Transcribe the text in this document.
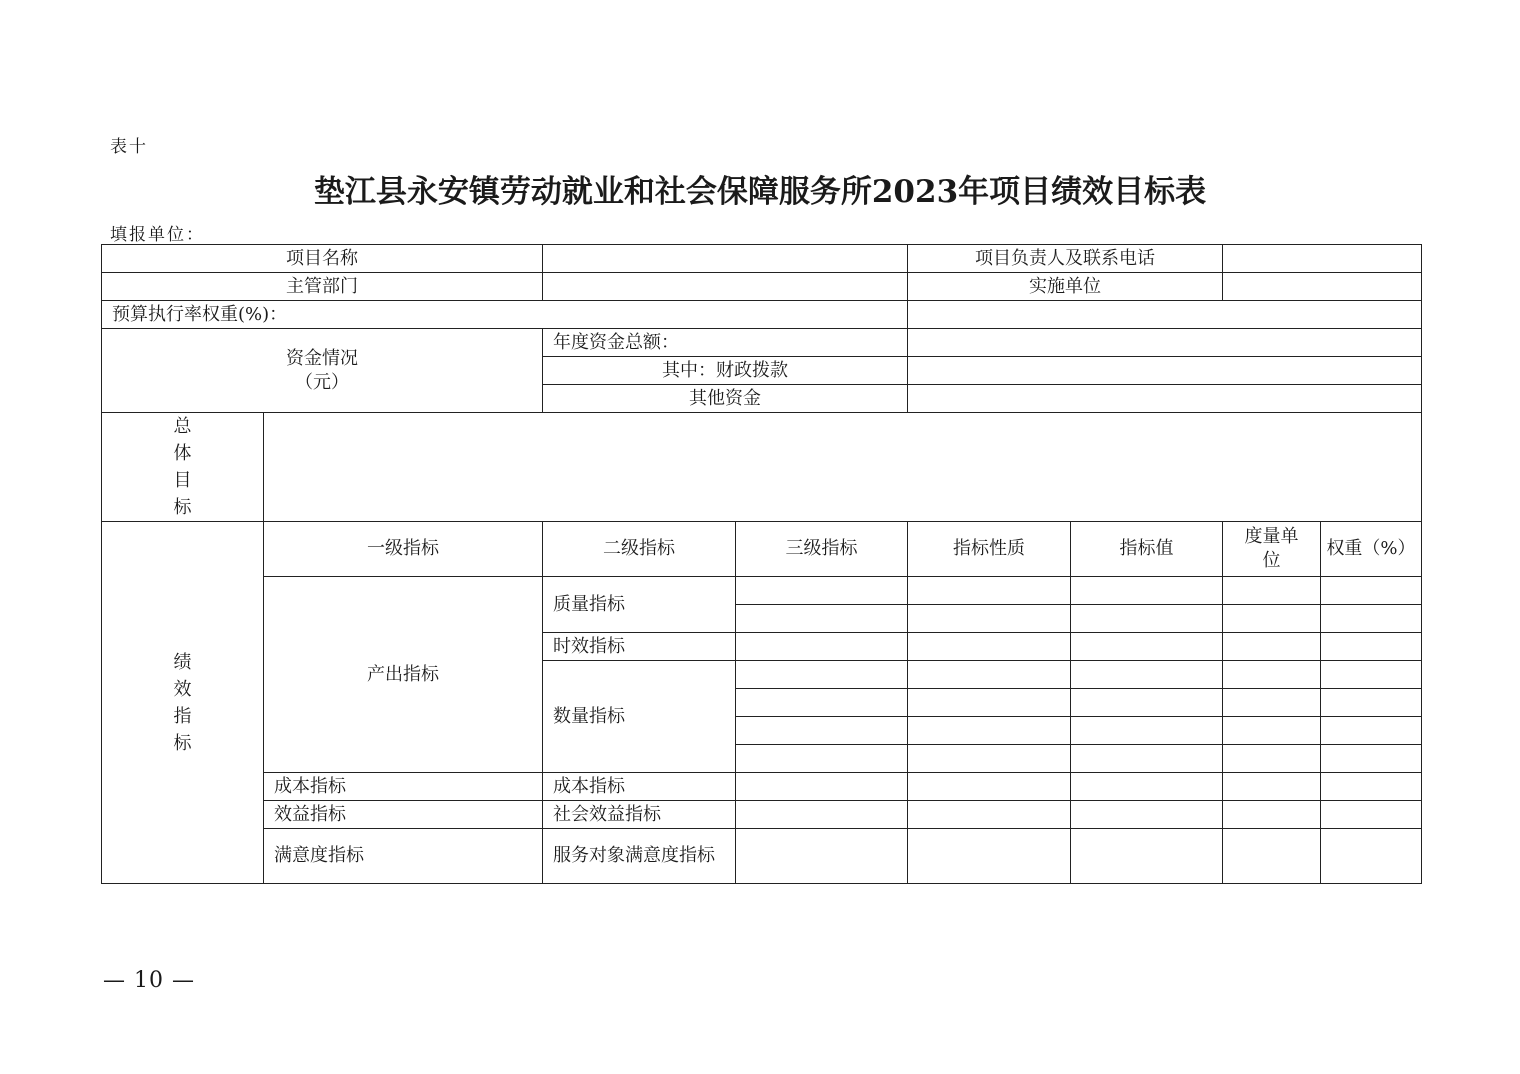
表十
垫江县永安镇劳动就业和社会保障服务所2023年项目绩效目标表
填报单位：
项目名称				项目负责人及联系电话			
主管部门				实施单位			
预算执行率权重(%)：							

资金情况
（元）		年度资金总额：					
		其中：财政拨款					
		其他资金					

总
体
目
标							

绩
效
指
标	一级指标	二级指标	三级指标	指标性质	指标值	度量单位	权重（%）
	产出指标	质量指标					

		时效指标					
		数量指标					

	成本指标	成本指标					
	效益指标	社会效益指标					
	满意度指标	服务对象满意度指标					
— 10 —
